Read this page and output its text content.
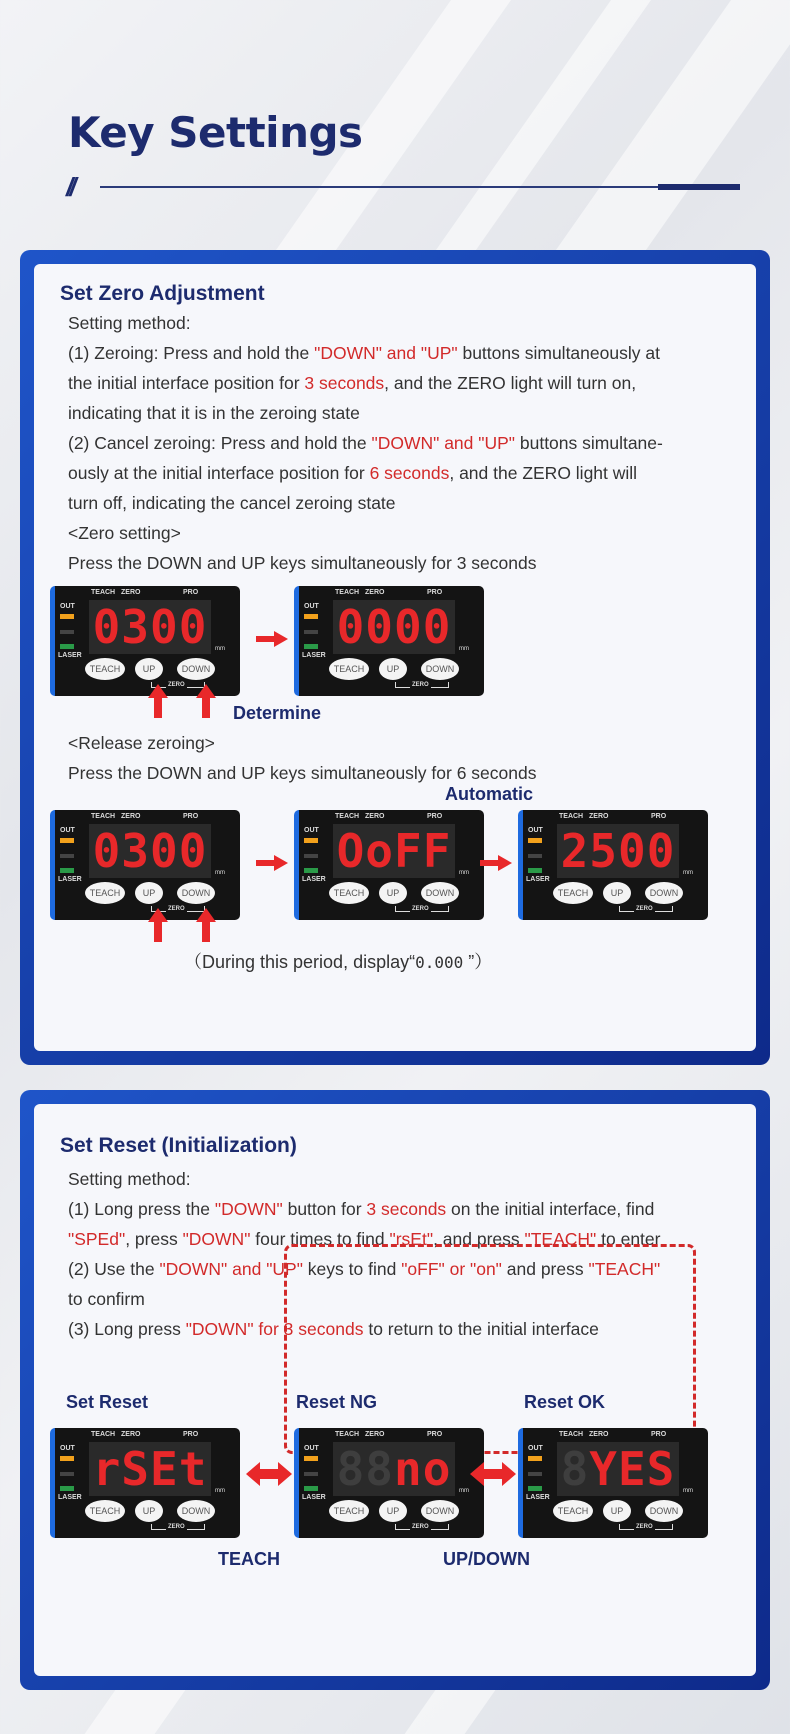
Key Settings
//
Set Zero Adjustment
Setting method:
(1) Zeroing: Press and hold the "DOWN" and "UP" buttons simultaneously at
the initial interface position for 3 seconds, and the ZERO light will turn on,
indicating that it is in the zeroing state
(2) Cancel zeroing: Press and hold the "DOWN" and "UP" buttons simultane-
ously at the initial interface position for 6 seconds, and the ZERO light will
turn off, indicating the cancel zeroing state
<Zero setting>
Press the DOWN and UP keys simultaneously for 3 seconds
TEACH ZERO	PRO
OUT
LASER
0300	mm
TEACH	UP	DOWN
ZERO
TEACH ZERO	PRO
OUT
LASER
0000	mm
TEACH	UP	DOWN
ZERO
Determine
<Release zeroing>
Press the DOWN and UP keys simultaneously for 6 seconds
Automatic
TEACH ZERO	PRO
OUT
LASER
0300	mm
TEACH	UP	DOWN
ZERO
TEACH ZERO	PRO
OUT
LASER
OoFF	mm
TEACH	UP	DOWN
ZERO
TEACH ZERO	PRO
OUT
LASER
2500	mm
TEACH	UP	DOWN
ZERO
（During this period, display“0.000 ”）
Set Reset (Initialization)
Setting method:
(1) Long press the "DOWN" button for 3 seconds on the initial interface, find
"SPEd", press "DOWN" four times to find "rsEt", and press "TEACH" to enter
(2) Use the "DOWN" and "UP" keys to find "oFF" or "on" and press "TEACH"
to confirm
(3) Long press "DOWN" for 3 seconds to return to the initial interface
Set Reset	Reset NG	Reset OK
TEACH ZERO	PRO
OUT
LASER
rSEt	mm
TEACH	UP	DOWN
ZERO
TEACH ZERO	PRO
OUT
LASER
88no	mm
TEACH	UP	DOWN
ZERO
TEACH ZERO	PRO
OUT
LASER
8YES	mm
TEACH	UP	DOWN
ZERO
TEACH	UP/DOWN
